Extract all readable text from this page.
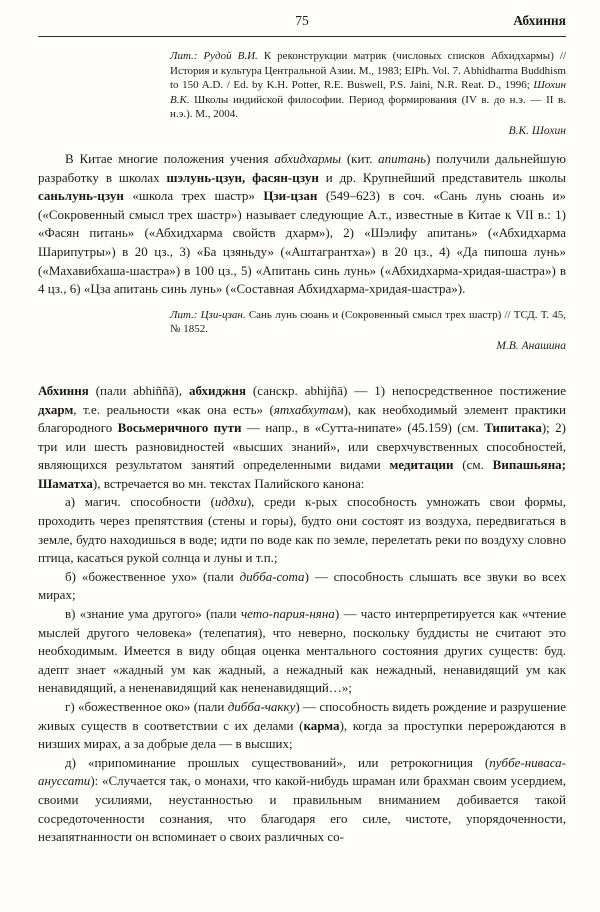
75	Абхиння

Лит.: Рудой В.И. К реконструкции матрик (числовых списков Абхидхармы) // История и культура Центральной Азии. М., 1983; EIPh. Vol. 7. Abhidharma Buddhism to 150 A.D. / Ed. by K.H. Potter, R.E. Buswell, P.S. Jaini, N.R. Reat. D., 1996; Шохин В.К. Школы индийской философии. Период формирования (IV в. до н.э. — II в. н.э.). М., 2004.

В.К. Шохин

В Китае многие положения учения абхидхармы (кит. апитань) получили дальнейшую разработку в школах шэлунь-цзун, фасян-цзун и др. Крупнейший представитель школы саньлунь-цзун «школа трех шастр» Цзи-цзан (549–623) в соч. «Сань лунь сюань и» («Сокровенный смысл трех шастр») называет следующие А.т., известные в Китае к VII в.: 1) «Фасян питань» («Абхидхарма свойств дхарм»), 2) «Шэлифу апитань» («Абхидхарма Шарипутры») в 20 цз., 3) «Ба цзяньду» («Аштагрантха») в 20 цз., 4) «Да пипоша лунь» («Махавибхаша-шастра») в 100 цз., 5) «Апитань синь лунь» («Абхидхарма-хридая-шастра») в 4 цз., 6) «Цза апитань синь лунь» («Составная Абхидхарма-хридая-шастра»).

Лит.: Цзи-цзан. Сань лунь сюань и (Сокровенный смысл трех шастр) // ТСД. Т. 45, № 1852.

М.В. Анашина

Абхиння (пали abhiññā), абхиджня (санскр. abhijñā) — 1) непосредственное постижение дхарм, т.е. реальности «как она есть» (ятхабхутам), как необходимый элемент практики благородного Восьмеричного пути — напр., в «Сутта-нипате» (45.159) (см. Типитака); 2) три или шесть разновидностей «высших знаний», или сверхчувственных способностей, являющихся результатом занятий определенными видами медитации (см. Випашьяна; Шаматха), встречается во мн. текстах Палийского канона:

а) магич. способности (иддхи), среди к-рых способность умножать свои формы, проходить через препятствия (стены и горы), будто они состоят из воздуха, передвигаться в земле, будто находишься в воде; идти по воде как по земле, перелетать реки по воздуху словно птица, касаться рукой солнца и луны и т.п.;

б) «божественное ухо» (пали дибба-сота) — способность слышать все звуки во всех мирах;

в) «знание ума другого» (пали чето-пария-няна) — часто интерпретируется как «чтение мыслей другого человека» (телепатия), что неверно, поскольку буддисты не считают это необходимым. Имеется в виду общая оценка ментального состояния других существ: буд. адепт знает «жадный ум как жадный, а нежадный как нежадный, ненавидящий ум как ненавидящий, а нененавидящий как нененавидящий…»;

г) «божественное око» (пали дибба-чакку) — способность видеть рождение и разрушение живых существ в соответствии с их делами (карма), когда за проступки перерождаются в низших мирах, а за добрые дела — в высших;

д) «припоминание прошлых существований», или ретрокогниция (пуббе-ниваса-ануссати): «Случается так, о монахи, что какой-нибудь шраман или брахман своим усердием, своими усилиями, неустанностью и правильным вниманием добивается такой сосредоточенности сознания, что благодаря его силе, чистоте, упорядоченности, незапятнанности он вспоминает о своих различных со-
